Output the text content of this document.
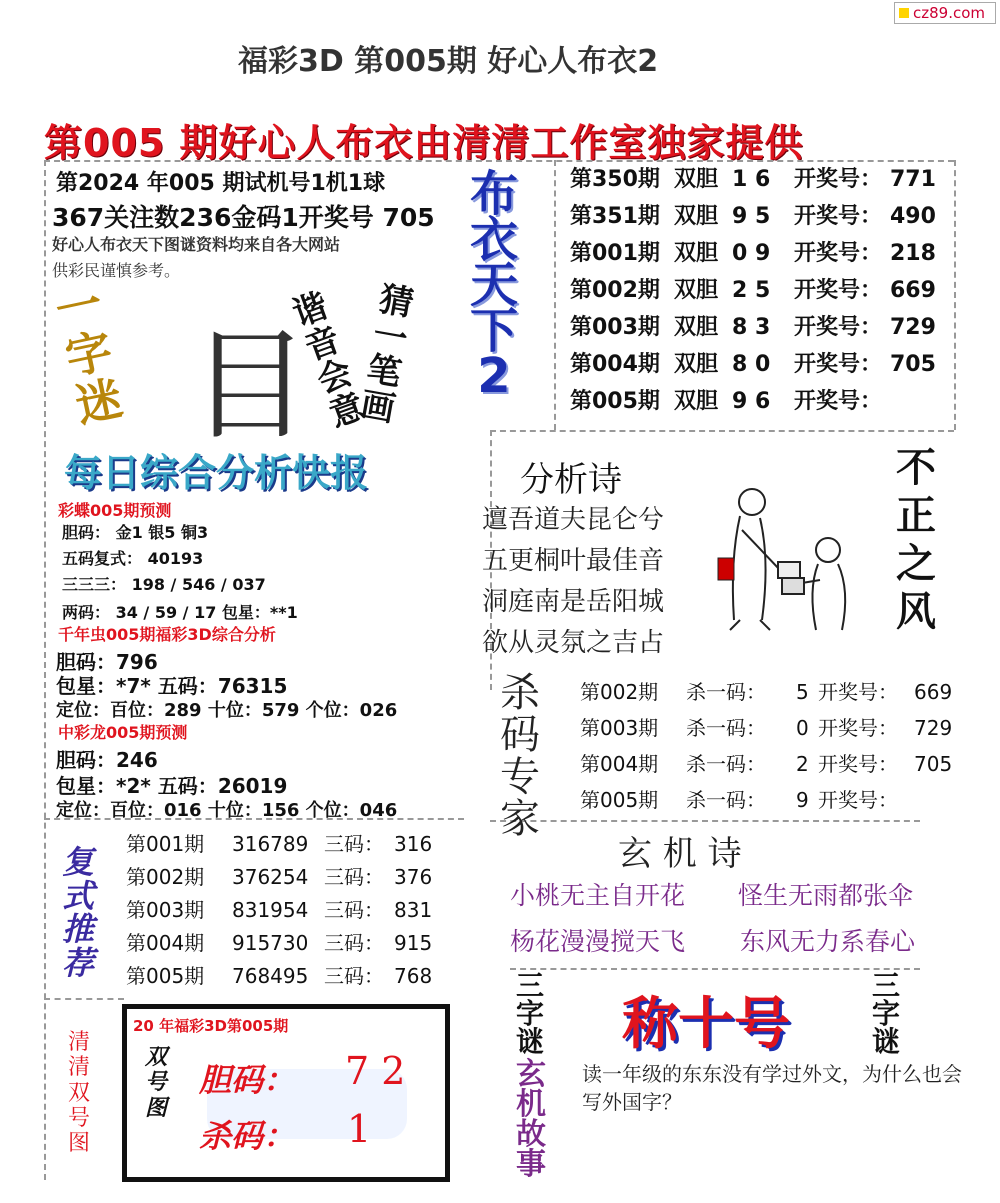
cz89.com
福彩3D 第005期 好心人布衣2
第005 期好心人布衣由清清工作室独家提供
第2024 年005 期试机号1机1球
367关注数236金码1开奖号 705
好心人布衣天下图谜资料均来自各大网站
供彩民谨慎参考。
一
字
迷 目
谐
音
会
意
猜
一
笔
画
布
衣
天
下
2
第350期 双胆 1 6 开奖号： 771
第351期 双胆 9 5 开奖号： 490
第001期 双胆 0 9 开奖号： 218
第002期 双胆 2 5 开奖号： 669
第003期 双胆 8 3 开奖号： 729
第004期 双胆 8 0 开奖号： 705
第005期 双胆 9 6 开奖号：
每日综合分析快报
彩蝶005期预测
胆码： 金1 银5 铜3
五码复式： 40193
三三三： 198 / 546 / 037
两码： 34 / 59 / 17 包星：**1
千年虫005期福彩3D综合分析
胆码：796
包星：*7* 五码：76315
定位：百位：289 十位：579 个位：026
中彩龙005期预测
胆码：246
包星：*2* 五码：26019
定位：百位：016 十位：156 个位：046
分析诗
邅吾道夫昆仑兮
五更桐叶最佳音
洞庭南是岳阳城
欲从灵氛之吉占
不
正
之
风
杀
码
专
家
第002期 杀一码： 5 开奖号： 669
第003期 杀一码： 0 开奖号： 729
第004期 杀一码： 2 开奖号： 705
第005期 杀一码： 9 开奖号：
复
式
推
荐
第001期 316789 三码： 316
第002期 376254 三码： 376
第003期 831954 三码： 831
第004期 915730 三码： 915
第005期 768495 三码： 768
玄 机 诗
小桃无主自开花 怪生无雨都张伞
杨花漫漫搅天飞 东风无力系春心
清
清
双
号
图
20 年福彩3D第005期
双
号
图
胆码： 7 2
杀码： 1
三
字
谜
三
字
谜
称十号
玄
机
故
事
读一年级的东东没有学过外文，为什么也会写外国字？
